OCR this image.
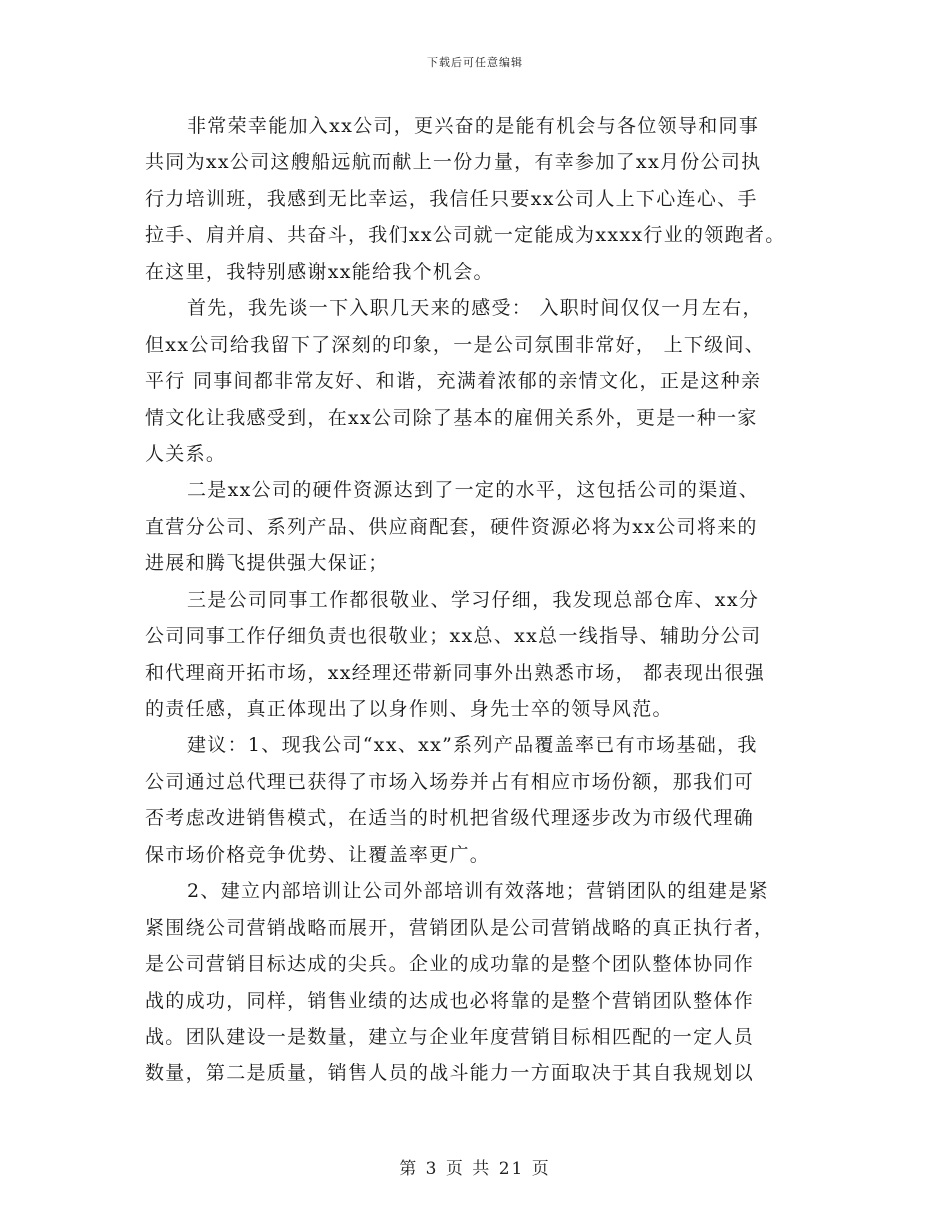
下载后可任意编辑
非常荣幸能加入xx公司，更兴奋的是能有机会与各位领导和同事
共同为xx公司这艘船远航而献上一份力量，有幸参加了xx月份公司执
行力培训班，我感到无比幸运，我信任只要xx公司人上下心连心、手
拉手、肩并肩、共奋斗，我们xx公司就一定能成为xxxx行业的领跑者。
在这里，我特别感谢xx能给我个机会。
首先，我先谈一下入职几天来的感受： 入职时间仅仅一月左右，
但xx公司给我留下了深刻的印象，一是公司氛围非常好， 上下级间、
平行 同事间都非常友好、和谐，充满着浓郁的亲情文化，正是这种亲
情文化让我感受到，在xx公司除了基本的雇佣关系外，更是一种一家
人关系。
二是xx公司的硬件资源达到了一定的水平，这包括公司的渠道、
直营分公司、系列产品、供应商配套，硬件资源必将为xx公司将来的
进展和腾飞提供强大保证；
三是公司同事工作都很敬业、学习仔细，我发现总部仓库、xx分
公司同事工作仔细负责也很敬业；xx总、xx总一线指导、辅助分公司
和代理商开拓市场，xx经理还带新同事外出熟悉市场， 都表现出很强
的责任感，真正体现出了以身作则、身先士卒的领导风范。
建议：1、现我公司“xx、xx”系列产品覆盖率已有市场基础，我
公司通过总代理已获得了市场入场券并占有相应市场份额，那我们可
否考虑改进销售模式，在适当的时机把省级代理逐步改为市级代理确
保市场价格竞争优势、让覆盖率更广。
2、建立内部培训让公司外部培训有效落地；营销团队的组建是紧
紧围绕公司营销战略而展开，营销团队是公司营销战略的真正执行者，
是公司营销目标达成的尖兵。企业的成功靠的是整个团队整体协同作
战的成功，同样，销售业绩的达成也必将靠的是整个营销团队整体作
战。团队建设一是数量，建立与企业年度营销目标相匹配的一定人员
数量，第二是质量，销售人员的战斗能力一方面取决于其自我规划以
第 3 页 共 21 页
